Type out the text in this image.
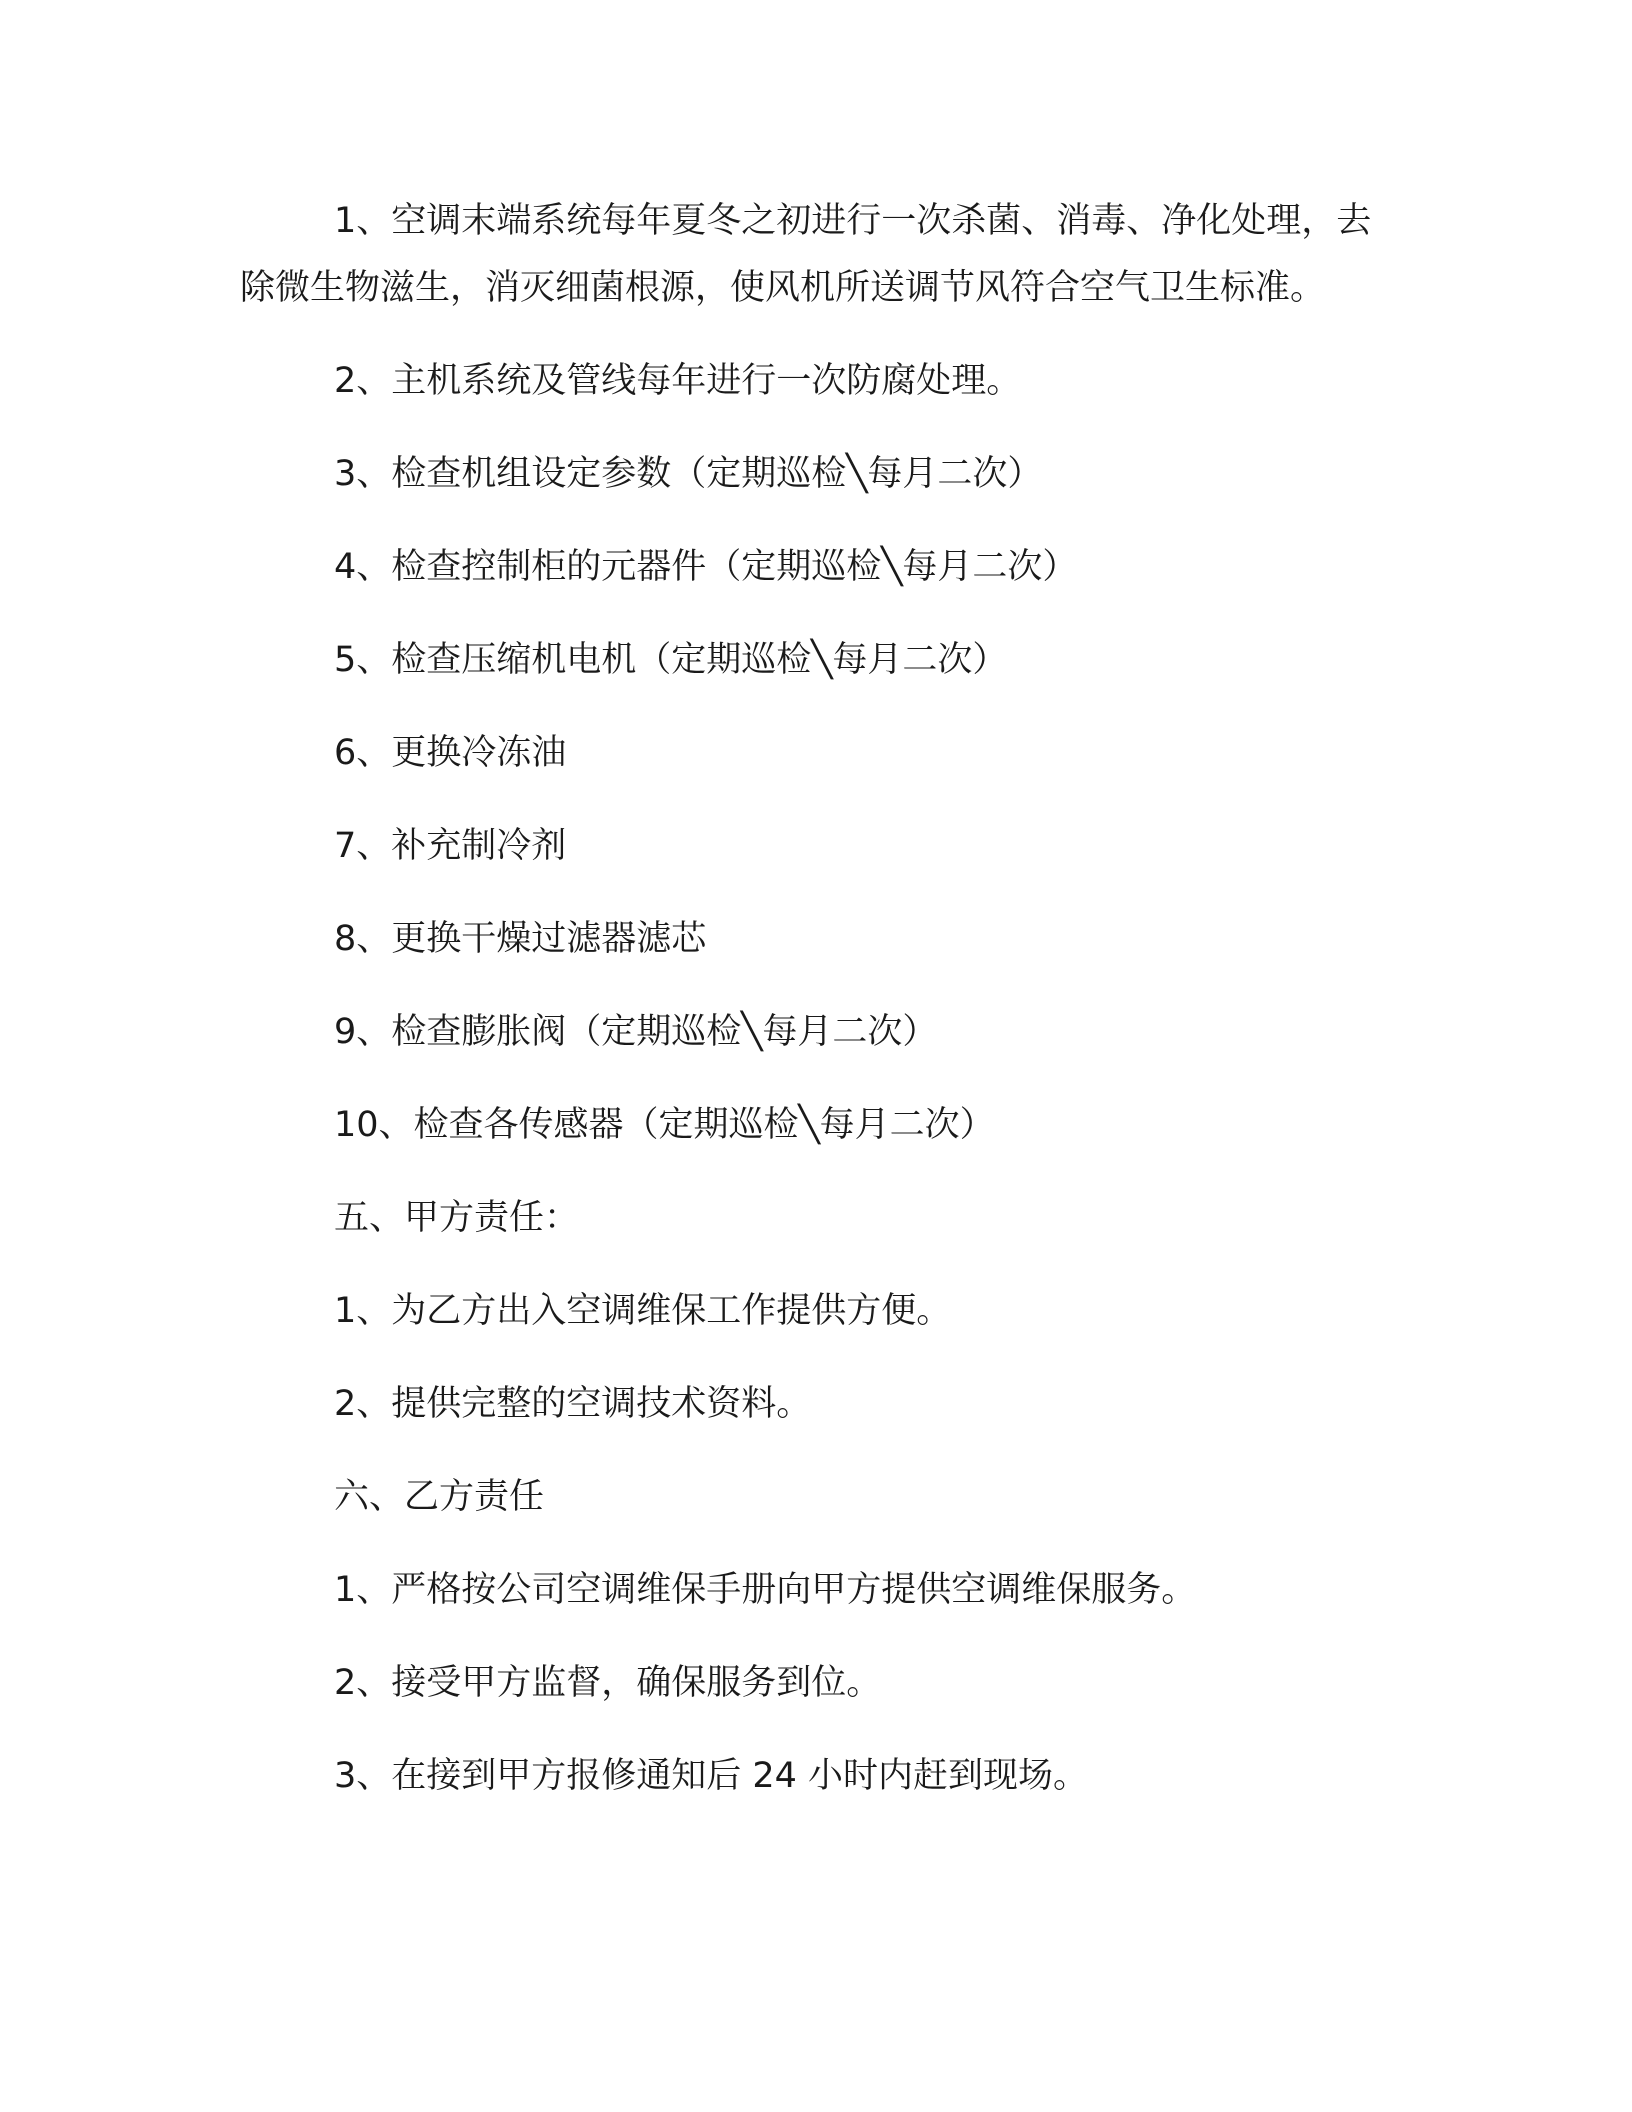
1、空调末端系统每年夏冬之初进行一次杀菌、消毒、净化处理，去除微生物滋生，消灭细菌根源，使风机所送调节风符合空气卫生标准。

2、主机系统及管线每年进行一次防腐处理。
3、检查机组设定参数（定期巡检╲每月二次）
4、检查控制柜的元器件（定期巡检╲每月二次）
5、检查压缩机电机（定期巡检╲每月二次）
6、更换冷冻油
7、补充制冷剂
8、更换干燥过滤器滤芯
9、检查膨胀阀（定期巡检╲每月二次）
10、检查各传感器（定期巡检╲每月二次）
五、甲方责任：
1、为乙方出入空调维保工作提供方便。
2、提供完整的空调技术资料。
六、乙方责任
1、严格按公司空调维保手册向甲方提供空调维保服务。
2、接受甲方监督，确保服务到位。
3、在接到甲方报修通知后 24 小时内赶到现场。
